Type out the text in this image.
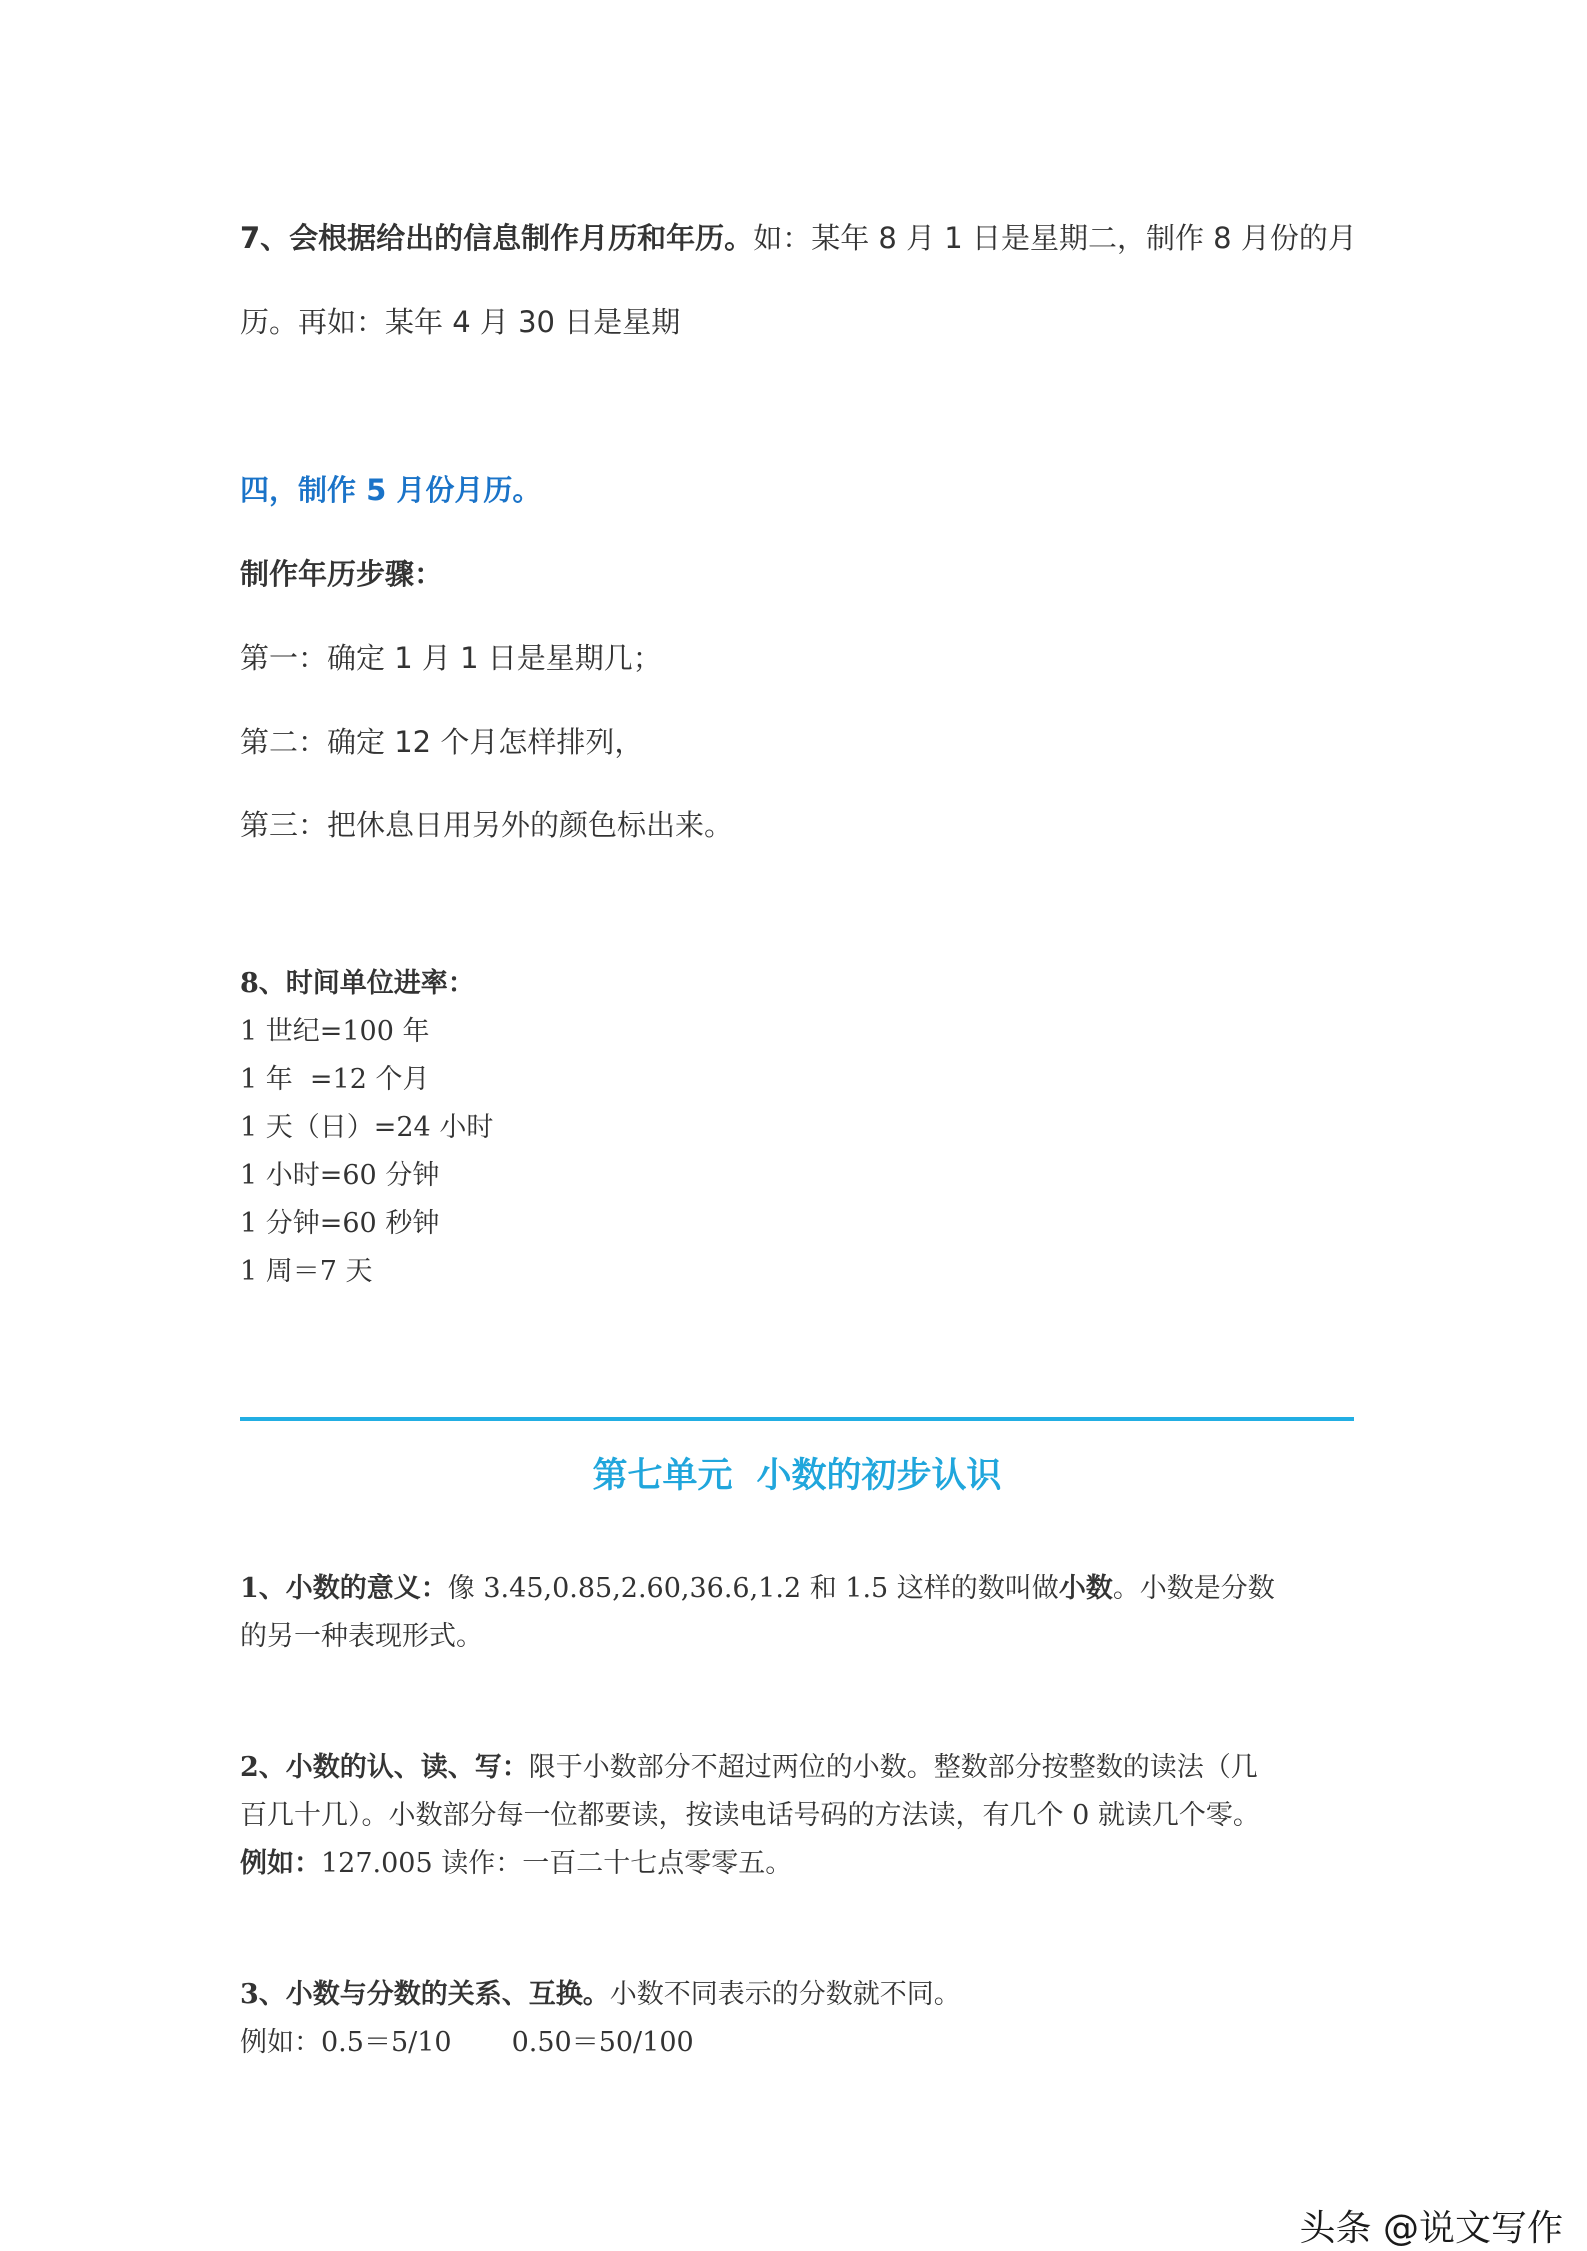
7、会根据给出的信息制作月历和年历。如：某年 8 月 1 日是星期二，制作 8 月份的月
历。再如：某年 4 月 30 日是星期
四，制作 5 月份月历。
制作年历步骤：
第一：确定 1 月 1 日是星期几；
第二：确定 12 个月怎样排列，
第三：把休息日用另外的颜色标出来。
8、时间单位进率：
1 世纪=100 年
1 年  =12 个月
1 天（日）=24 小时
1 小时=60 分钟
1 分钟=60 秒钟
1 周＝7 天
第七单元 小数的初步认识
1、小数的意义：像 3.45,0.85,2.60,36.6,1.2 和 1.5 这样的数叫做小数。小数是分数
的另一种表现形式。
2、小数的认、读、写：限于小数部分不超过两位的小数。整数部分按整数的读法（几
百几十几）。小数部分每一位都要读，按读电话号码的方法读，有几个 0 就读几个零。
例如：127.005 读作：一百二十七点零零五。
3、小数与分数的关系、互换。小数不同表示的分数就不同。
例如：0.5＝5/10 0.50＝50/100
头条 @说文写作
